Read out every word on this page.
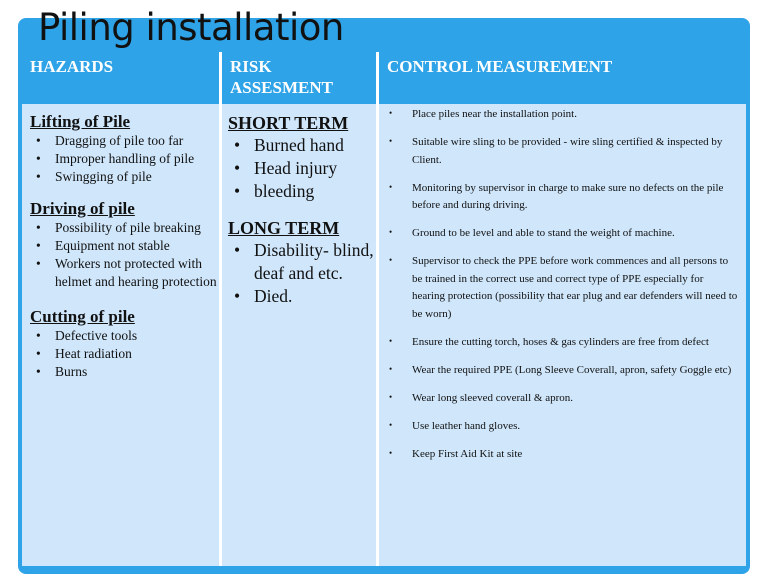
Piling installation
HAZARDS	RISK ASSESMENT
CONTROL MEASUREMENT

Lifting of Pile

• Dragging of pile too far
• Improper handling of pile
• Swingging of pile

Driving of pile

• Possibility of pile breaking
• Equipment not stable
• Workers not protected with helmet and hearing protection

Cutting of pile

• Defective tools
• Heat radiation
• Burns

SHORT TERM

• Burned hand
• Head injury
• bleeding

LONG TERM

• Disability- blind, deaf and etc.
• Died.
• Place piles near the installation point.
• Suitable wire sling to be provided - wire sling certified & inspected by Client.
• Monitoring by supervisor in charge to make sure no defects on the pile before and during driving.
• Ground to be level and able to stand the weight of machine.
• Supervisor to check the PPE before work commences and all persons to be trained in the correct use and correct type of PPE especially for hearing protection (possibility that ear plug and ear defenders will need to be worn)
• Ensure the cutting torch, hoses & gas cylinders are free from defect
• Wear the required PPE (Long Sleeve Coverall, apron, safety Goggle etc)
• Wear long sleeved coverall & apron.
• Use leather hand gloves.
• Keep First Aid Kit at site
